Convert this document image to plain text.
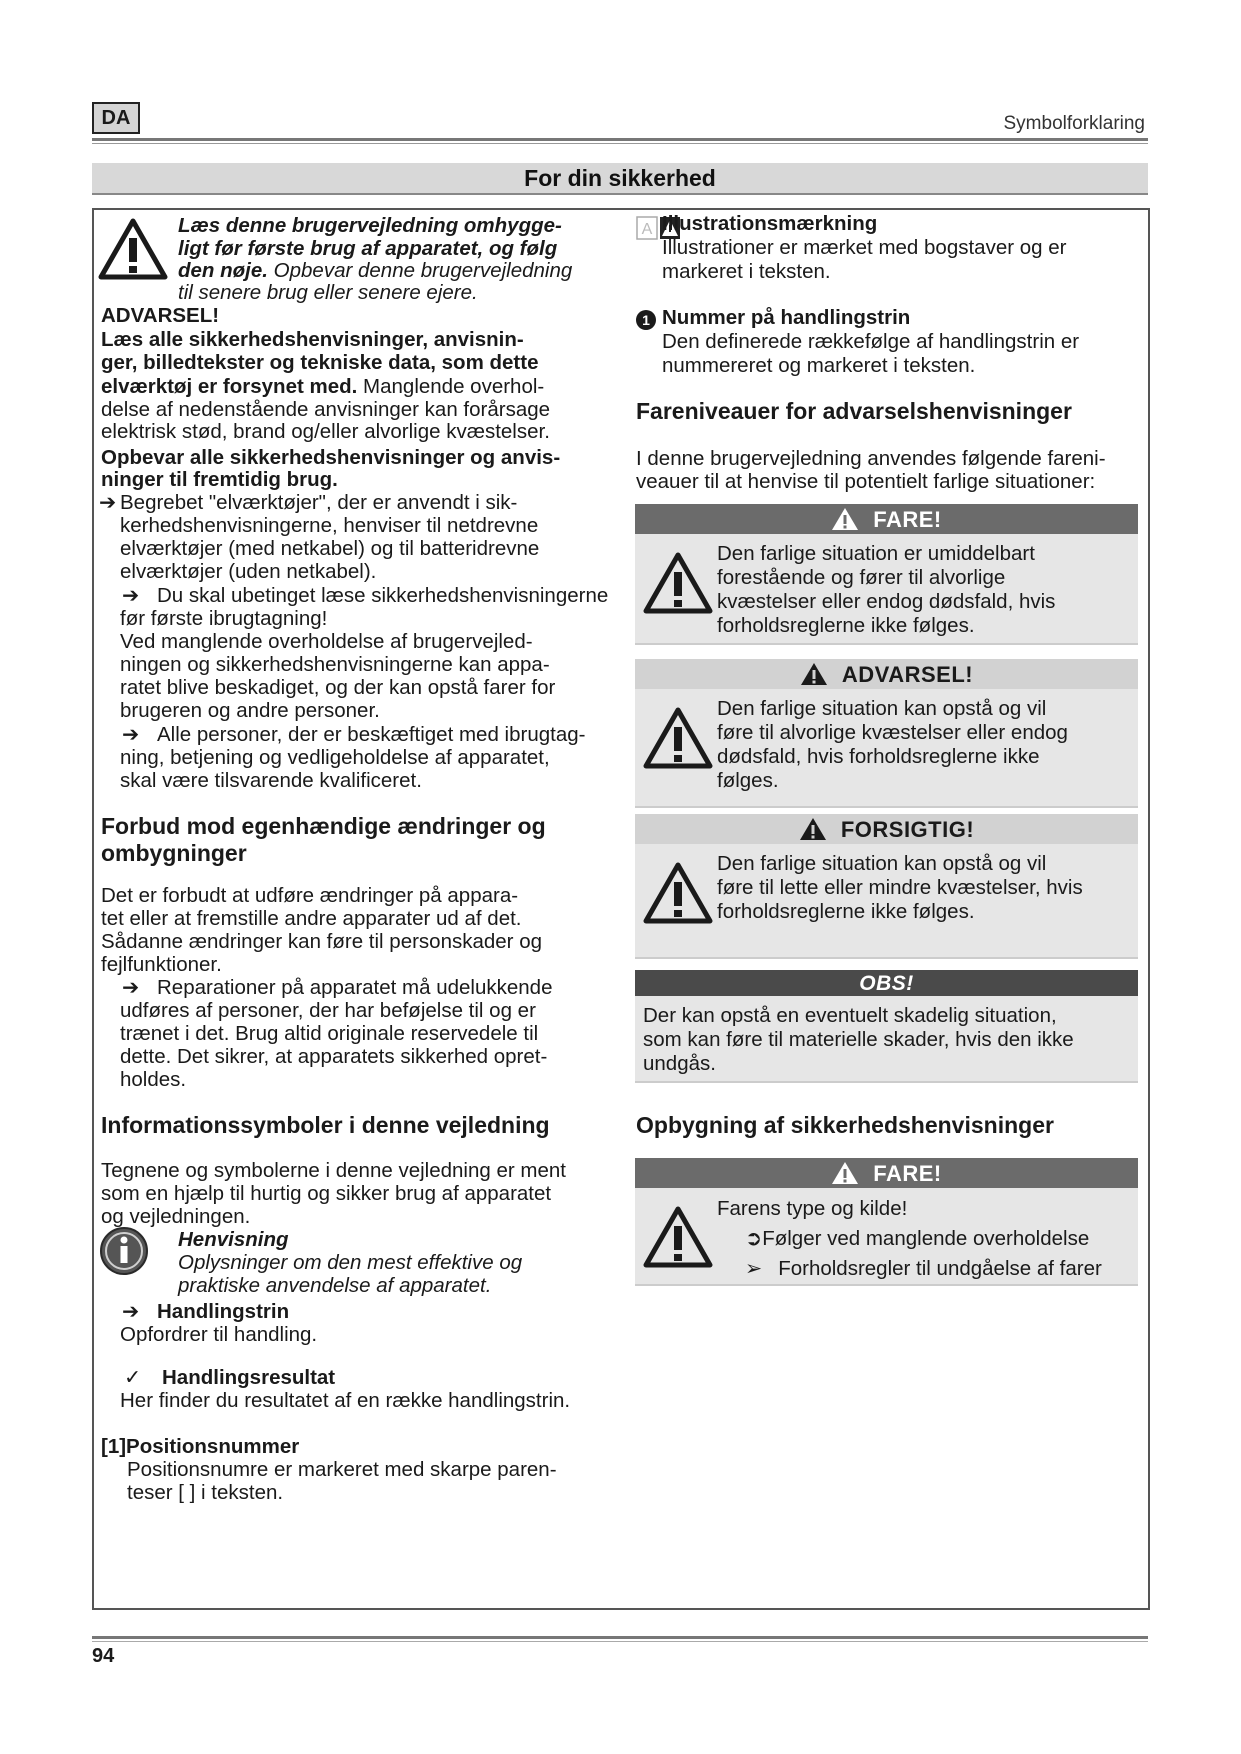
DA	Symbolforklaring
For din sikkerhed
Læs denne brugervejledning omhygge-
ligt før første brug af apparatet, og følg
den nøje. Opbevar denne brugervejledning
til senere brug eller senere ejere.
ADVARSEL!
Læs alle sikkerhedshenvisninger, anvisnin-
ger, billedtekster og tekniske data, som dette
elværktøj er forsynet med. Manglende overhol-
delse af nedenstående anvisninger kan forårsage
elektrisk stød, brand og/eller alvorlige kvæstelser.
Opbevar alle sikkerhedshenvisninger og anvis-
ninger til fremtidig brug.
➔ Begrebet "elværktøjer", der er anvendt i sik-
kerhedshenvisningerne, henviser til netdrevne
elværktøjer (med netkabel) og til batteridrevne
elværktøjer (uden netkabel).
➔ Du skal ubetinget læse sikkerhedshenvisningerne
før første ibrugtagning!
Ved manglende overholdelse af brugervejled-
ningen og sikkerhedshenvisningerne kan appa-
ratet blive beskadiget, og der kan opstå farer for
brugeren og andre personer.
➔ Alle personer, der er beskæftiget med ibrugtag-
ning, betjening og vedligeholdelse af apparatet,
skal være tilsvarende kvalificeret.
Forbud mod egenhændige ændringer og
ombygninger
Det er forbudt at udføre ændringer på appara-
tet eller at fremstille andre apparater ud af det.
Sådanne ændringer kan føre til personskader og
fejlfunktioner.
➔ Reparationer på apparatet må udelukkende
udføres af personer, der har beføjelse til og er
trænet i det. Brug altid originale reservedele til
dette. Det sikrer, at apparatets sikkerhed opret-
holdes.
Informationssymboler i denne vejledning
Tegnene og symbolerne i denne vejledning er ment
som en hjælp til hurtig og sikker brug af apparatet
og vejledningen.
Henvisning
Oplysninger om den mest effektive og
praktiske anvendelse af apparatet.
➔ Handlingstrin
Opfordrer til handling.
✓ Handlingsresultat
Her finder du resultatet af en række handlingstrin.
[1]Positionsnummer
Positionsnumre er markeret med skarpe paren-
teser [ ] i teksten.
A Illustrationsmærkning
Illustrationer er mærket med bogstaver og er
markeret i teksten.
1 Nummer på handlingstrin
Den definerede rækkefølge af handlingstrin er
nummereret og markeret i teksten.
Fareniveauer for advarselshenvisninger
I denne brugervejledning anvendes følgende fareni-
veauer til at henvise til potentielt farlige situationer:
FARE!
Den farlige situation er umiddelbart
forestående og fører til alvorlige
kvæstelser eller endog dødsfald, hvis
forholdsreglerne ikke følges.
ADVARSEL!
Den farlige situation kan opstå og vil
føre til alvorlige kvæstelser eller endog
dødsfald, hvis forholdsreglerne ikke
følges.
FORSIGTIG!
Den farlige situation kan opstå og vil
føre til lette eller mindre kvæstelser, hvis
forholdsreglerne ikke følges.
OBS!
Der kan opstå en eventuelt skadelig situation,
som kan føre til materielle skader, hvis den ikke
undgås.
Opbygning af sikkerhedshenvisninger
FARE!
Farens type og kilde!
➲Følger ved manglende overholdelse
➢ Forholdsregler til undgåelse af farer
94
